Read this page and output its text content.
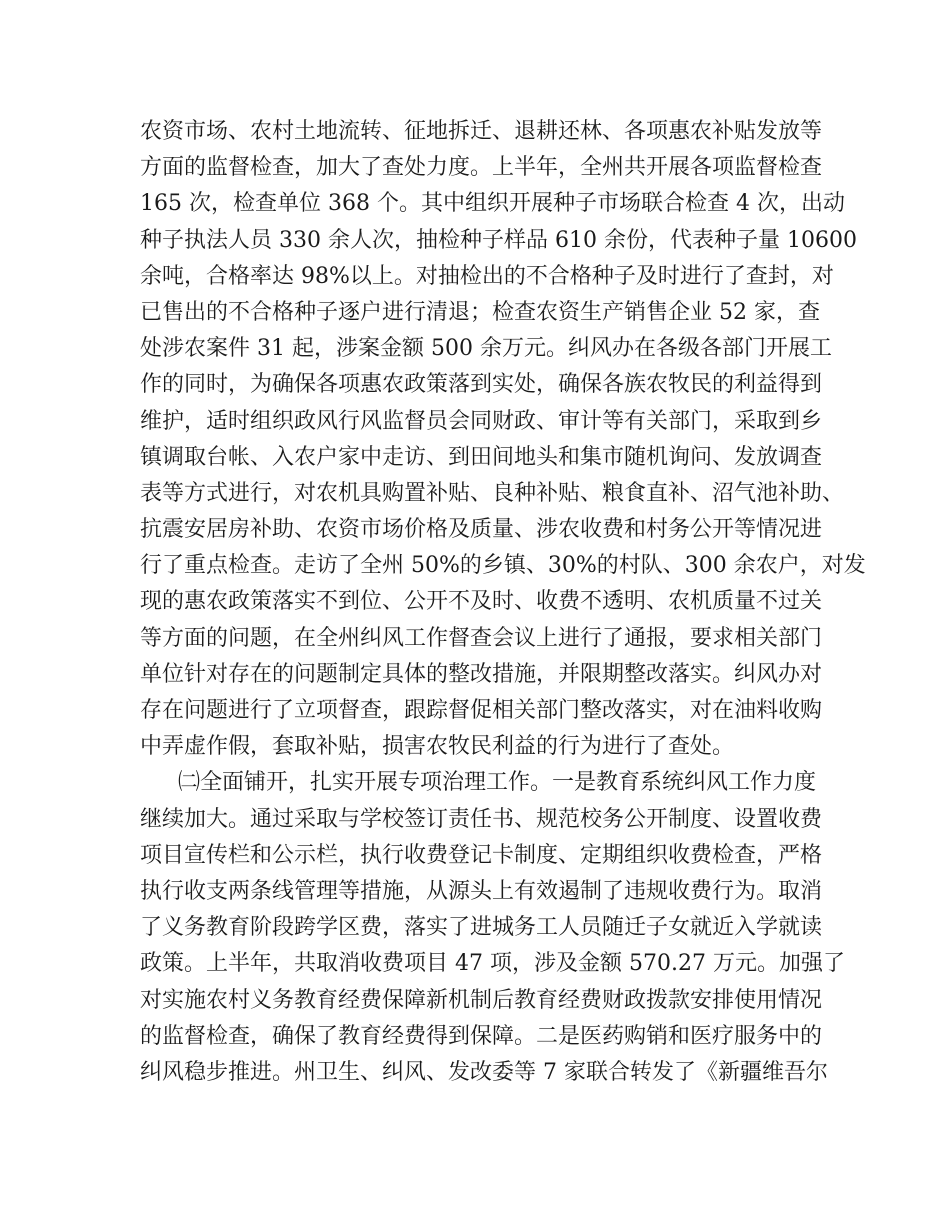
农资市场、农村土地流转、征地拆迁、退耕还林、各项惠农补贴发放等
方面的监督检查，加大了查处力度。上半年，全州共开展各项监督检查
165 次，检查单位 368 个。其中组织开展种子市场联合检查 4 次，出动
种子执法人员 330 余人次，抽检种子样品 610 余份，代表种子量 10600
余吨，合格率达 98%以上。对抽检出的不合格种子及时进行了查封，对
已售出的不合格种子逐户进行清退；检查农资生产销售企业 52 家，查
处涉农案件 31 起，涉案金额 500 余万元。纠风办在各级各部门开展工
作的同时，为确保各项惠农政策落到实处，确保各族农牧民的利益得到
维护，适时组织政风行风监督员会同财政、审计等有关部门，采取到乡
镇调取台帐、入农户家中走访、到田间地头和集市随机询问、发放调查
表等方式进行，对农机具购置补贴、良种补贴、粮食直补、沼气池补助、
抗震安居房补助、农资市场价格及质量、涉农收费和村务公开等情况进
行了重点检查。走访了全州 50%的乡镇、30%的村队、300 余农户，对发
现的惠农政策落实不到位、公开不及时、收费不透明、农机质量不过关
等方面的问题，在全州纠风工作督查会议上进行了通报，要求相关部门
单位针对存在的问题制定具体的整改措施，并限期整改落实。纠风办对
存在问题进行了立项督查，跟踪督促相关部门整改落实，对在油料收购
中弄虚作假，套取补贴，损害农牧民利益的行为进行了查处。
㈡全面铺开，扎实开展专项治理工作。一是教育系统纠风工作力度
继续加大。通过采取与学校签订责任书、规范校务公开制度、设置收费
项目宣传栏和公示栏，执行收费登记卡制度、定期组织收费检查，严格
执行收支两条线管理等措施，从源头上有效遏制了违规收费行为。取消
了义务教育阶段跨学区费，落实了进城务工人员随迁子女就近入学就读
政策。上半年，共取消收费项目 47 项，涉及金额 570.27 万元。加强了
对实施农村义务教育经费保障新机制后教育经费财政拨款安排使用情况
的监督检查，确保了教育经费得到保障。二是医药购销和医疗服务中的
纠风稳步推进。州卫生、纠风、发改委等 7 家联合转发了《新疆维吾尔
